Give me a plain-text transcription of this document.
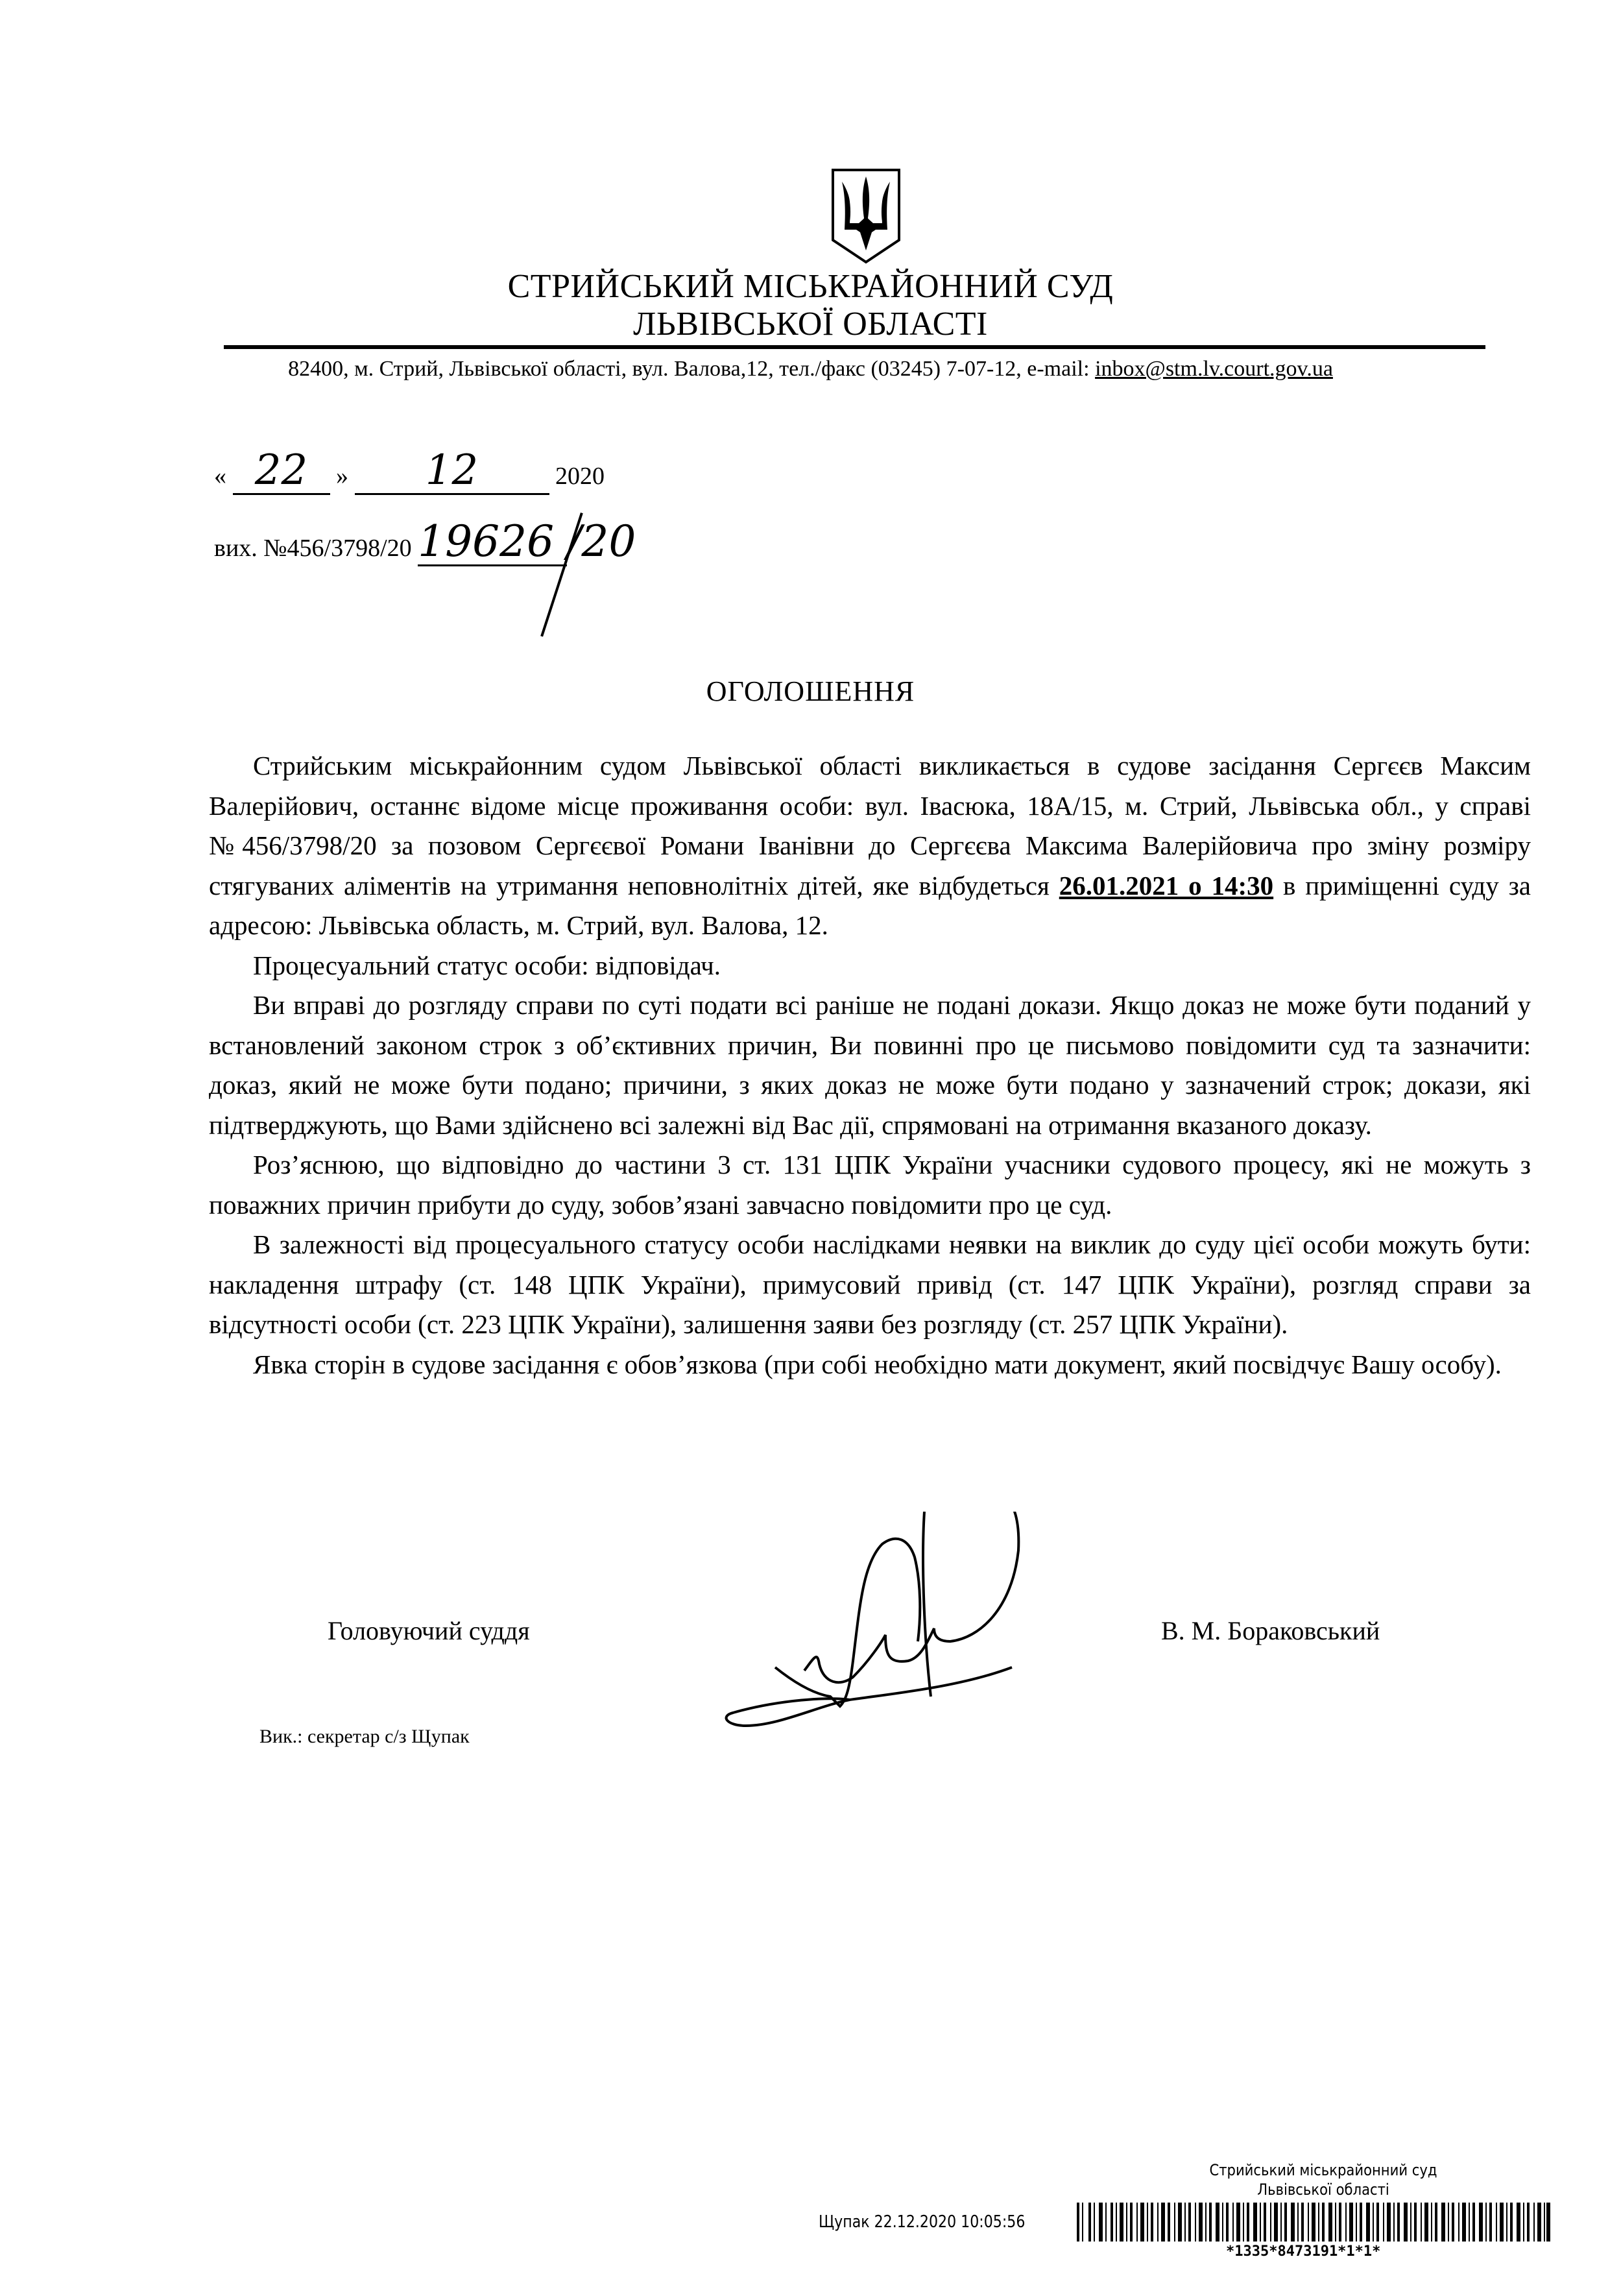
СТРИЙСЬКИЙ МІСЬКРАЙОННИЙ СУД
ЛЬВІВСЬКОЇ ОБЛАСТІ
82400, м. Стрий, Львівської області, вул. Валова,12, тел./факс (03245) 7-07-12, e-mail: inbox@stm.lv.court.gov.ua
« 22 » 12	2020
вих. №456/3798/20 19626 /20
ОГОЛОШЕННЯ

Стрийським міськрайонним судом Львівської області викликається в судове засідання Сергєєв Максим Валерійович, останнє відоме місце проживання особи: вул. Івасюка, 18А/15, м. Стрий, Львівська обл., у справі №456/3798/20 за позовом Сергєєвої Романи Іванівни до Сергєєва Максима Валерійовича про зміну розміру стягуваних аліментів на утримання неповнолітніх дітей, яке відбудеться 26.01.2021 о 14:30 в приміщенні суду за адресою: Львівська область, м. Стрий, вул. Валова, 12.

Процесуальний статус особи: відповідач.

Ви вправі до розгляду справи по суті подати всі раніше не подані докази. Якщо доказ не може бути поданий у встановлений законом строк з об’єктивних причин, Ви повинні про це письмово повідомити суд та зазначити: доказ, який не може бути подано; причини, з яких доказ не може бути подано у зазначений строк; докази, які підтверджують, що Вами здійснено всі залежні від Вас дії, спрямовані на отримання вказаного доказу.

Роз’яснюю, що відповідно до частини 3 ст. 131 ЦПК України учасники судового процесу, які не можуть з поважних причин прибути до суду, зобов’язані завчасно повідомити про це суд.

В залежності від процесуального статусу особи наслідками неявки на виклик до суду цієї особи можуть бути: накладення штрафу (ст. 148 ЦПК України), примусовий привід (ст. 147 ЦПК України), розгляд справи за відсутності особи (ст. 223 ЦПК України), залишення заяви без розгляду (ст. 257 ЦПК України).

Явка сторін в судове засідання є обов’язкова (при собі необхідно мати документ, який посвідчує Вашу особу).

Головуючий суддя	В. М. Бораковський
Вик.: секретар с/з Щупак
Стрийський міськрайонний суд
Львівської області
Щупак 22.12.2020 10:05:56
*1335*8473191*1*1*
